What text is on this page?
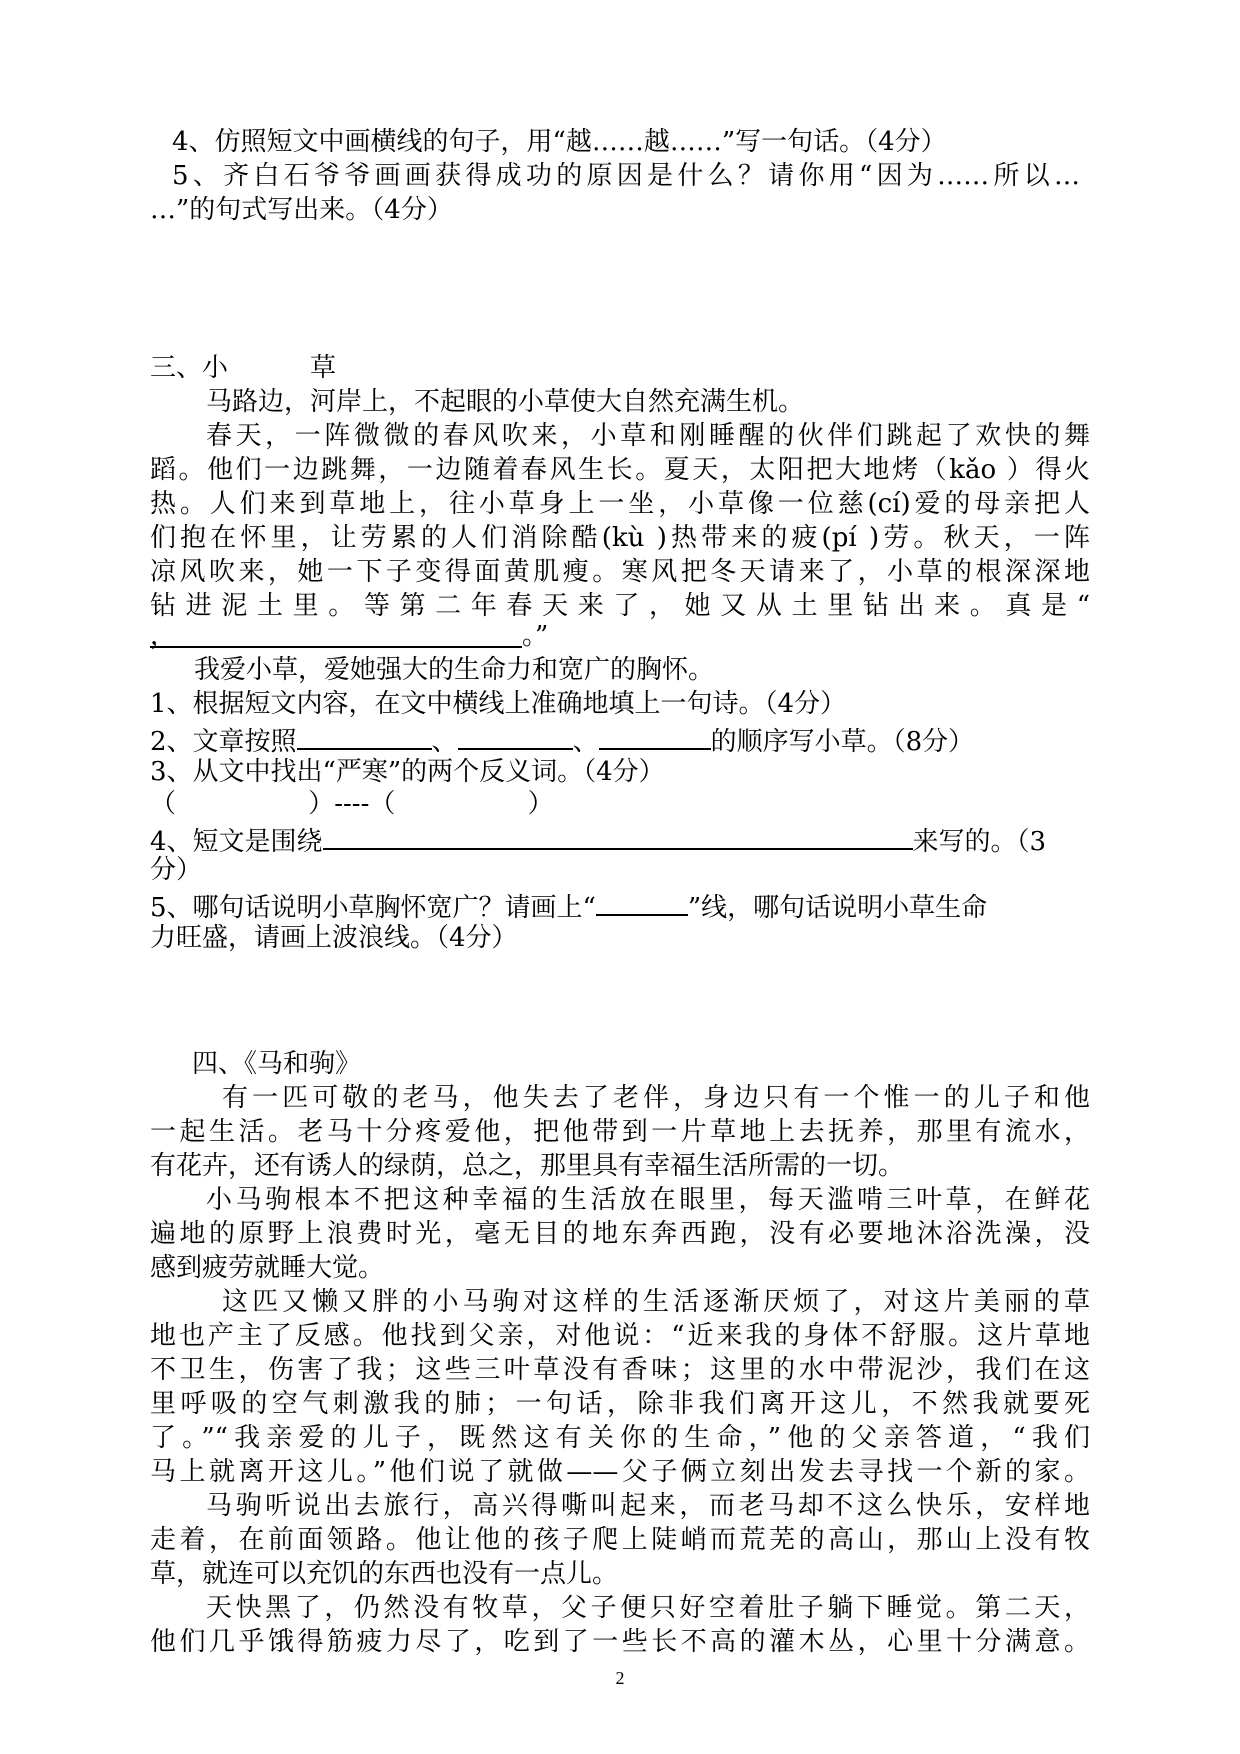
4、仿照短文中画横线的句子，用“越……越……”写一句话。（4分）
5、齐白石爷爷画画获得成功的原因是什么？请你用“因为……所以…
…”的句式写出来。（4分）
三、小	草
马路边，河岸上，不起眼的小草使大自然充满生机。
春天，一阵微微的春风吹来，小草和刚睡醒的伙伴们跳起了欢快的舞
蹈。他们一边跳舞，一边随着春风生长。夏天，太阳把大地烤（kǎo ）得火
热。人们来到草地上，往小草身上一坐，小草像一位慈(cí)爱的母亲把人
们抱在怀里，让劳累的人们消除酷(kù )热带来的疲(pí )劳。秋天，一阵
凉风吹来，她一下子变得面黄肌瘦。寒风把冬天请来了，小草的根深深地
钻进泥土里。等第二年春天来了，她又从土里钻出来。真是“
，	。”
我爱小草，爱她强大的生命力和宽广的胸怀。
1、根据短文内容，在文中横线上准确地填上一句诗。（4分）
2、文章按照	、	、	的顺序写小草。（8分）
3、从文中找出“严寒”的两个反义词。（4分）
（                ）----（                ）
4、短文是围绕	来写的。（3
分）
5、哪句话说明小草胸怀宽广？请画上“	”线，哪句话说明小草生命
力旺盛，请画上波浪线。（4分）
四、《马和驹》
有一匹可敬的老马，他失去了老伴，身边只有一个惟一的儿子和他
一起生活。老马十分疼爱他，把他带到一片草地上去抚养，那里有流水，
有花卉，还有诱人的绿荫，总之，那里具有幸福生活所需的一切。
小马驹根本不把这种幸福的生活放在眼里，每天滥啃三叶草，在鲜花
遍地的原野上浪费时光，毫无目的地东奔西跑，没有必要地沐浴洗澡，没
感到疲劳就睡大觉。
这匹又懒又胖的小马驹对这样的生活逐渐厌烦了，对这片美丽的草
地也产主了反感。他找到父亲，对他说：“近来我的身体不舒服。这片草地
不卫生，伤害了我；这些三叶草没有香味；这里的水中带泥沙，我们在这
里呼吸的空气刺激我的肺；一句话，除非我们离开这儿，不然我就要死
了。”“我亲爱的儿子，既然这有关你的生命，”他的父亲答道，“我们
马上就离开这儿。”他们说了就做——父子俩立刻出发去寻找一个新的家。
马驹听说出去旅行，高兴得嘶叫起来，而老马却不这么快乐，安样地
走着，在前面领路。他让他的孩子爬上陡峭而荒芜的高山，那山上没有牧
草，就连可以充饥的东西也没有一点儿。
天快黑了，仍然没有牧草，父子便只好空着肚子躺下睡觉。第二天，
他们几乎饿得筋疲力尽了，吃到了一些长不高的灌木丛，心里十分满意。
2
